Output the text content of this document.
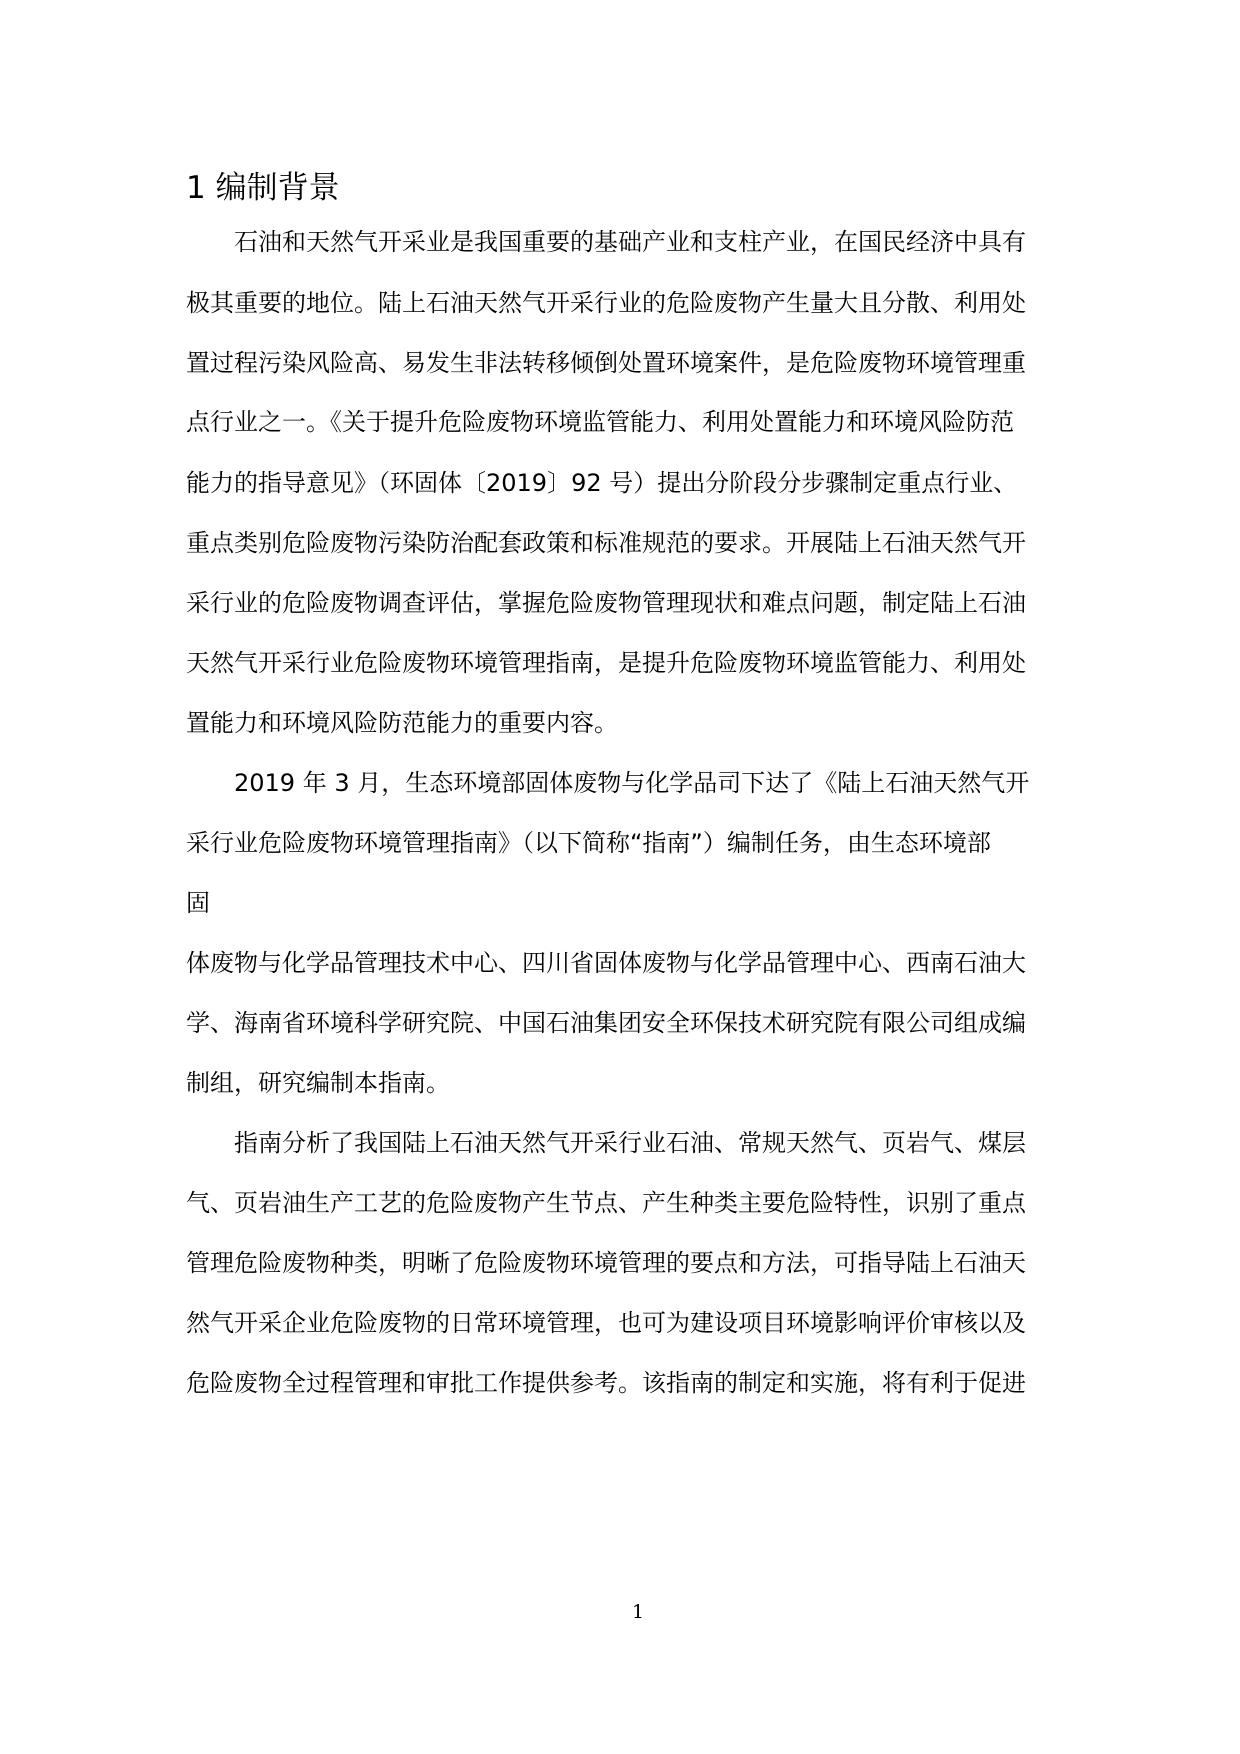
1 编制背景
石油和天然气开采业是我国重要的基础产业和支柱产业，在国民经济中具有
极其重要的地位。陆上石油天然气开采行业的危险废物产生量大且分散、利用处
置过程污染风险高、易发生非法转移倾倒处置环境案件，是危险废物环境管理重
点行业之一。《关于提升危险废物环境监管能力、利用处置能力和环境风险防范
能力的指导意见》（环固体〔2019〕92 号）提出分阶段分步骤制定重点行业、
重点类别危险废物污染防治配套政策和标准规范的要求。开展陆上石油天然气开
采行业的危险废物调查评估，掌握危险废物管理现状和难点问题，制定陆上石油
天然气开采行业危险废物环境管理指南，是提升危险废物环境监管能力、利用处
置能力和环境风险防范能力的重要内容。
2019 年 3 月，生态环境部固体废物与化学品司下达了《陆上石油天然气开
采行业危险废物环境管理指南》（以下简称“指南”）编制任务，由生态环境部
固
体废物与化学品管理技术中心、四川省固体废物与化学品管理中心、西南石油大
学、海南省环境科学研究院、中国石油集团安全环保技术研究院有限公司组成编
制组，研究编制本指南。
指南分析了我国陆上石油天然气开采行业石油、常规天然气、页岩气、煤层
气、页岩油生产工艺的危险废物产生节点、产生种类主要危险特性，识别了重点
管理危险废物种类，明晰了危险废物环境管理的要点和方法，可指导陆上石油天
然气开采企业危险废物的日常环境管理，也可为建设项目环境影响评价审核以及
危险废物全过程管理和审批工作提供参考。该指南的制定和实施，将有利于促进
1
